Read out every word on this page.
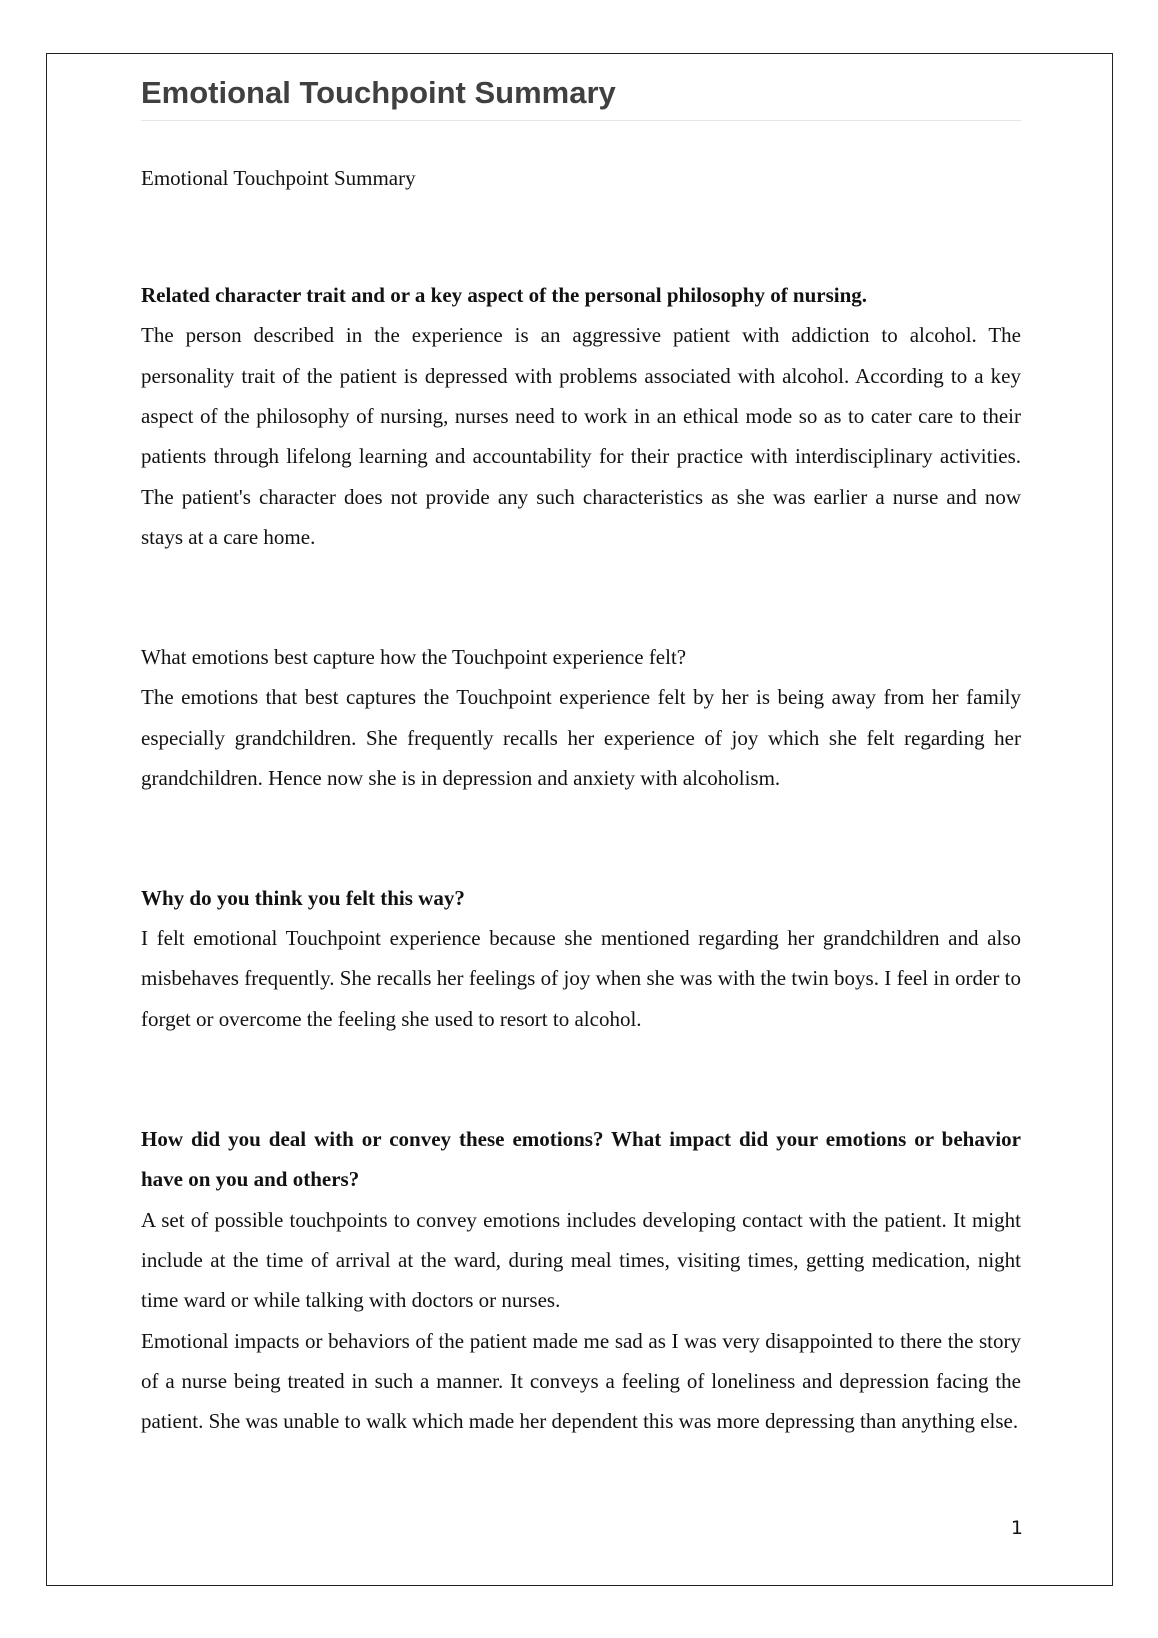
Emotional Touchpoint Summary

Emotional Touchpoint Summary

Related character trait and or a key aspect of the personal philosophy of nursing.

The person described in the experience is an aggressive patient with addiction to alcohol. The personality trait of the patient is depressed with problems associated with alcohol. According to a key aspect of the philosophy of nursing, nurses need to work in an ethical mode so as to cater care to their patients through lifelong learning and accountability for their practice with interdisciplinary activities. The patient's character does not provide any such characteristics as she was earlier a nurse and now stays at a care home.

What emotions best capture how the Touchpoint experience felt?

The emotions that best captures the Touchpoint experience felt by her is being away from her family especially grandchildren. She frequently recalls her experience of joy which she felt regarding her grandchildren. Hence now she is in depression and anxiety with alcoholism.

Why do you think you felt this way?

I felt emotional Touchpoint experience because she mentioned regarding her grandchildren and also misbehaves frequently. She recalls her feelings of joy when she was with the twin boys. I feel in order to forget or overcome the feeling she used to resort to alcohol.

How did you deal with or convey these emotions? What impact did your emotions or behavior have on you and others?

A set of possible touchpoints to convey emotions includes developing contact with the patient. It might include at the time of arrival at the ward, during meal times, visiting times, getting medication, night time ward or while talking with doctors or nurses.

Emotional impacts or behaviors of the patient made me sad as I was very disappointed to there the story of a nurse being treated in such a manner. It conveys a feeling of loneliness and depression facing the patient. She was unable to walk which made her dependent this was more depressing than anything else.

1
